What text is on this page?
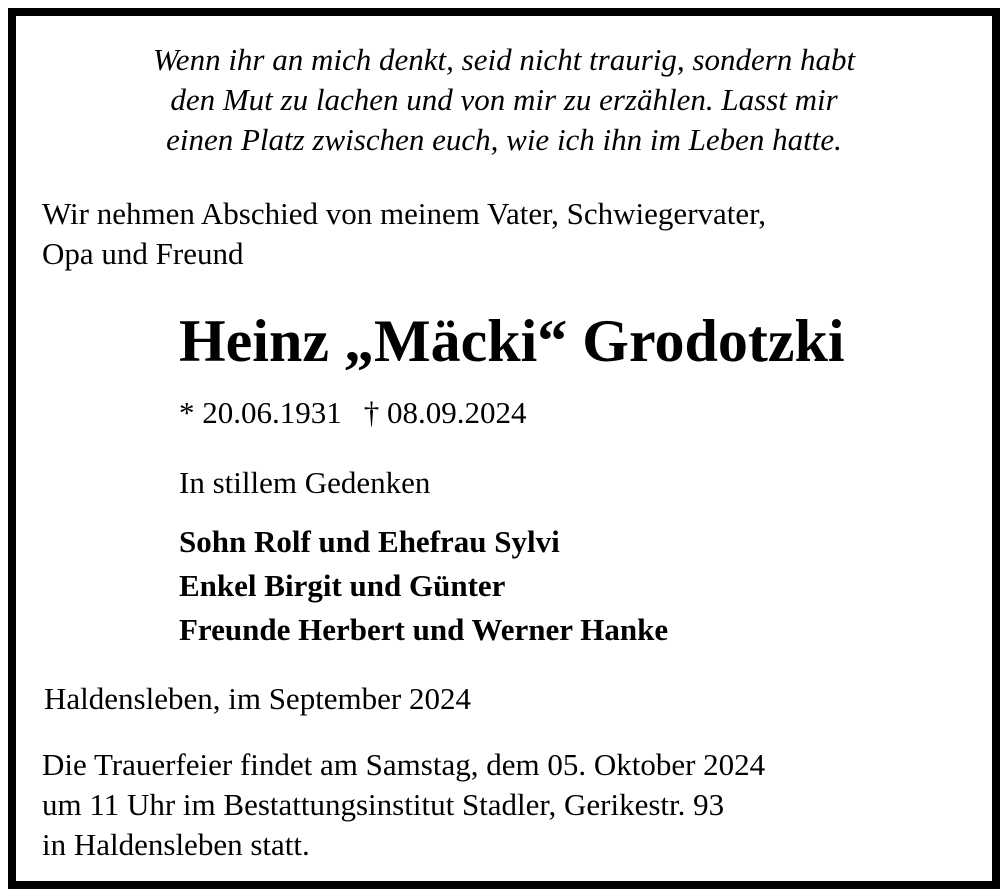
Wenn ihr an mich denkt, seid nicht traurig, sondern habt
den Mut zu lachen und von mir zu erzählen. Lasst mir
einen Platz zwischen euch, wie ich ihn im Leben hatte.
Wir nehmen Abschied von meinem Vater, Schwiegervater,
Opa und Freund
Heinz „Mäcki“ Grodotzki
* 20.06.1931 † 08.09.2024
In stillem Gedenken
Sohn Rolf und Ehefrau Sylvi
Enkel Birgit und Günter
Freunde Herbert und Werner Hanke
Haldensleben, im September 2024
Die Trauerfeier findet am Samstag, dem 05. Oktober 2024
um 11 Uhr im Bestattungsinstitut Stadler, Gerikestr. 93
in Haldensleben statt.
